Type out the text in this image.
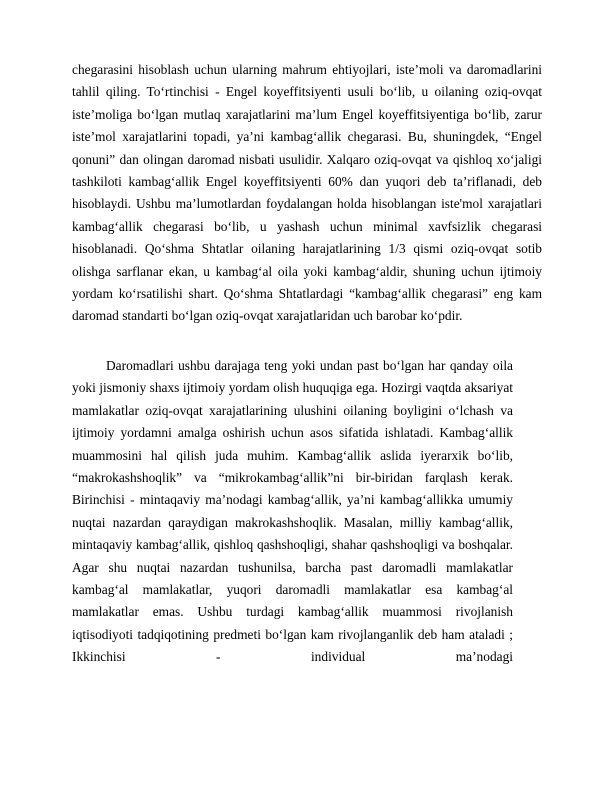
chegarasini hisoblash uchun ularning mahrum ehtiyojlari, iste’moli va daromadlarini tahlil qiling. To‘rtinchisi - Engel koyeffitsiyenti usuli bo‘lib, u oilaning oziq-ovqat iste’moliga bo‘lgan mutlaq xarajatlarini ma’lum Engel koyeffitsiyentiga bo‘lib, zarur iste’mol xarajatlarini topadi, ya’ni kambag‘allik chegarasi. Bu, shuningdek, “Engel qonuni” dan olingan daromad nisbati usulidir. Xalqaro oziq-ovqat va qishloq xo‘jaligi tashkiloti kambag‘allik Engel koyeffitsiyenti 60% dan yuqori deb ta’riflanadi, deb hisoblaydi. Ushbu ma’lumotlardan foydalangan holda hisoblangan iste'mol xarajatlari kambag‘allik chegarasi bo‘lib, u yashash uchun minimal xavfsizlik chegarasi hisoblanadi. Qo‘shma Shtatlar oilaning harajatlarining 1/3 qismi oziq-ovqat sotib olishga sarflanar ekan, u kambag‘al oila yoki kambag‘aldir, shuning uchun ijtimoiy yordam ko‘rsatilishi shart. Qo‘shma Shtatlardagi “kambag‘allik chegarasi” eng kam daromad standarti bo‘lgan oziq-ovqat xarajatlaridan uch barobar ko‘pdir.

Daromadlari ushbu darajaga teng yoki undan past bo‘lgan har qanday oila yoki jismoniy shaxs ijtimoiy yordam olish huquqiga ega. Hozirgi vaqtda aksariyat mamlakatlar oziq-ovqat xarajatlarining ulushini oilaning boyligini o‘lchash va ijtimoiy yordamni amalga oshirish uchun asos sifatida ishlatadi. Kambag‘allik muammosini hal qilish juda muhim. Kambag‘allik aslida iyerarxik bo‘lib, “makrokashshoqlik” va “mikrokambag‘allik”ni bir-biridan farqlash kerak. Birinchisi - mintaqaviy ma’nodagi kambag‘allik, ya’ni kambag‘allikka umumiy nuqtai nazardan qaraydigan makrokashshoqlik. Masalan, milliy kambag‘allik, mintaqaviy kambag‘allik, qishloq qashshoqligi, shahar qashshoqligi va boshqalar. Agar shu nuqtai nazardan tushunilsa, barcha past daromadli mamlakatlar kambag‘al mamlakatlar, yuqori daromadli mamlakatlar esa kambag‘al mamlakatlar emas. Ushbu turdagi kambag‘allik muammosi rivojlanish iqtisodiyoti tadqiqotining predmeti bo‘lgan kam rivojlanganlik deb ham ataladi ; Ikkinchisi - individual ma’nodagi
